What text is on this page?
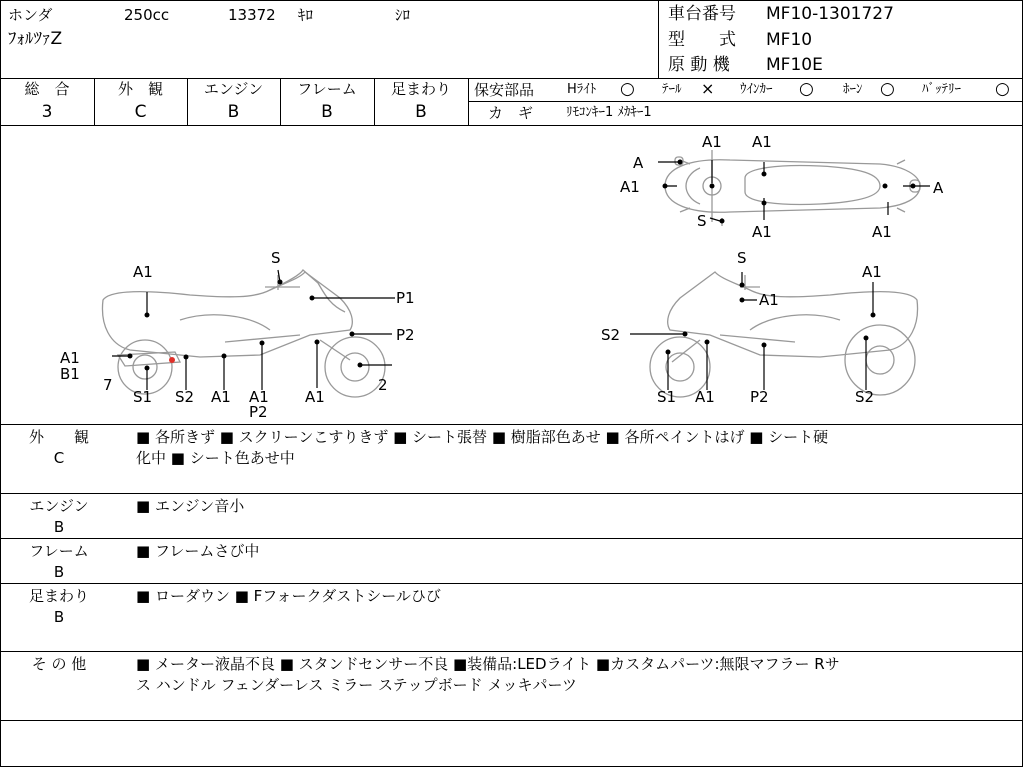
ホンダ	250cc	13372 ｷﾛ	ｼﾛ
ﾌｫﾙﾂｧZ
車台番号 MF10-1301727
型　　式 MF10
原 動 機 MF10E
総　合
3
外　観
C
エンジン
B
フレーム
B
足まわり
B
保安部品	Hﾗｲﾄ ○ ﾃｰﾙ × ｳｲﾝｶｰ ○ ﾎｰﾝ ○ ﾊﾞｯﾃﾘｰ ○
カ　ギ	ﾘﾓｺﾝｷｰ1 ﾒｶｷｰ1
A
A1 A1
A1
S
A1	A1
A
S
A1
P1
P2
A1
B1
7
S1 S2 A1 A1
P2
A1
2
S
A1
A1
S2
S1 A1 P2	S2
外　　観
C
■ 各所きず ■ スクリーンこすりきず ■ シート張替 ■ 樹脂部色あせ ■ 各所ペイントはげ ■ シート硬
化中 ■ シート色あせ中
エンジン
B
■ エンジン音小
フレーム
B
■ フレームさび中
足まわり
B
■ ローダウン ■ Fフォークダストシールひび
そ の 他	■ メーター液晶不良 ■ スタンドセンサー不良 ■装備品:LEDライト ■カスタムパーツ:無限マフラー Rサ
ス ハンドル フェンダーレス ミラー ステップボード メッキパーツ
